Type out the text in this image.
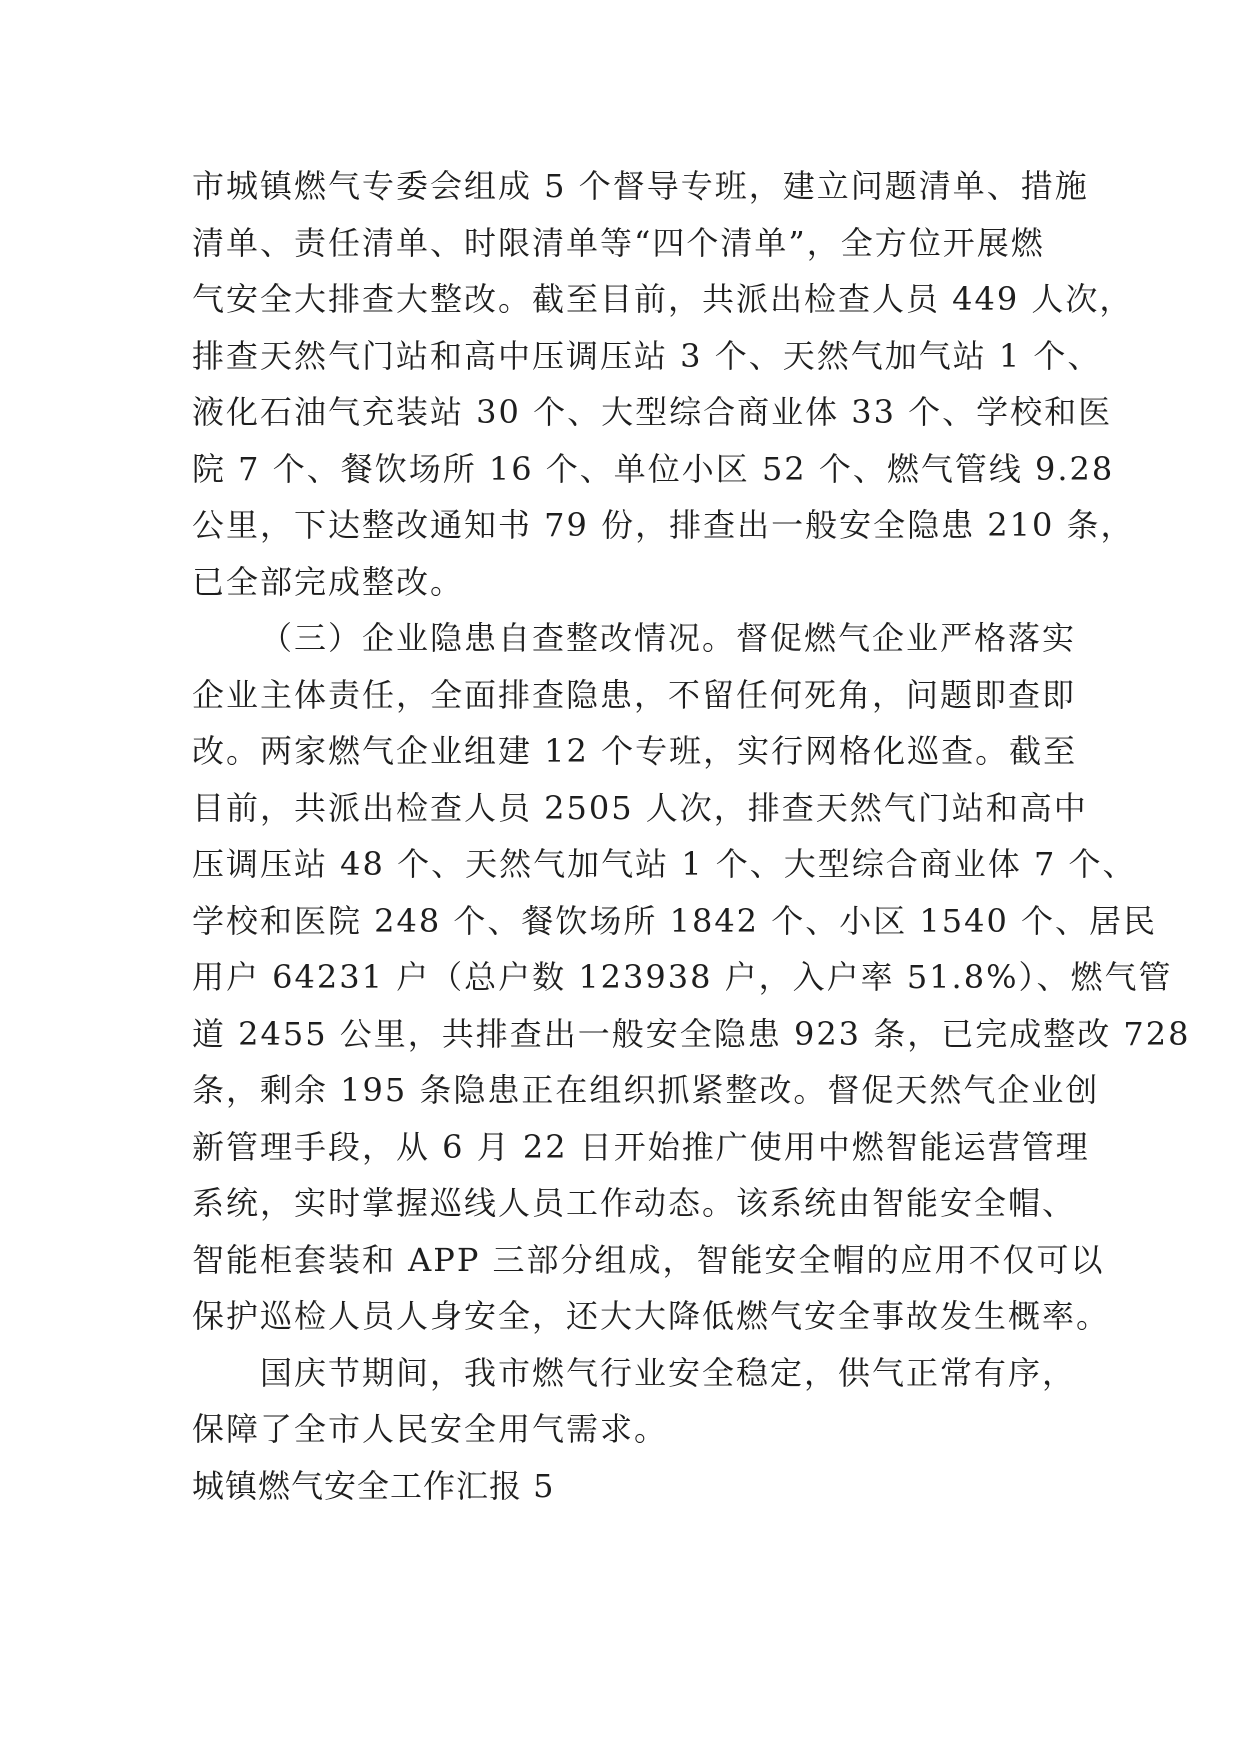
市城镇燃气专委会组成 5 个督导专班，建立问题清单、措施
清单、责任清单、时限清单等“四个清单”，全方位开展燃
气安全大排查大整改。截至目前，共派出检查人员 449 人次，
排查天然气门站和高中压调压站 3 个、天然气加气站 1 个、
液化石油气充装站 30 个、大型综合商业体 33 个、学校和医
院 7 个、餐饮场所 16 个、单位小区 52 个、燃气管线 9.28
公里，下达整改通知书 79 份，排查出一般安全隐患 210 条，
已全部完成整改。
（三）企业隐患自查整改情况。督促燃气企业严格落实
企业主体责任，全面排查隐患，不留任何死角，问题即查即
改。两家燃气企业组建 12 个专班，实行网格化巡查。截至
目前，共派出检查人员 2505 人次，排查天然气门站和高中
压调压站 48 个、天然气加气站 1 个、大型综合商业体 7 个、
学校和医院 248 个、餐饮场所 1842 个、小区 1540 个、居民
用户 64231 户（总户数 123938 户，入户率 51.8%）、燃气管
道 2455 公里，共排查出一般安全隐患 923 条，已完成整改 728
条，剩余 195 条隐患正在组织抓紧整改。督促天然气企业创
新管理手段，从 6 月 22 日开始推广使用中燃智能运营管理
系统，实时掌握巡线人员工作动态。该系统由智能安全帽、
智能柜套装和 APP 三部分组成，智能安全帽的应用不仅可以
保护巡检人员人身安全，还大大降低燃气安全事故发生概率。
国庆节期间，我市燃气行业安全稳定，供气正常有序，
保障了全市人民安全用气需求。
城镇燃气安全工作汇报 5
